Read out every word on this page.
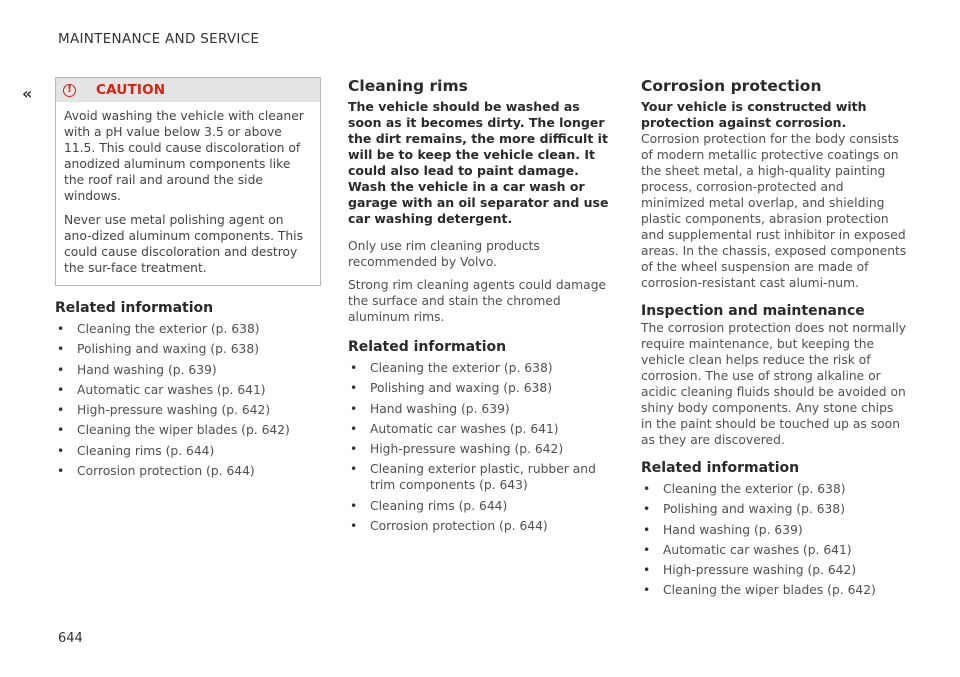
MAINTENANCE AND SERVICE
«	!	CAUTION

Avoid washing the vehicle with cleaner with a pH value below 3.5 or above 11.5. This could cause discoloration of anodized aluminum components like the roof rail and around the side windows.

Never use metal polishing agent on ano-dized aluminum components. This could cause discoloration and destroy the sur-face treatment.

Related information
• Cleaning the exterior (p. 638)
• Polishing and waxing (p. 638)
• Hand washing (p. 639)
• Automatic car washes (p. 641)
• High-pressure washing (p. 642)
• Cleaning the wiper blades (p. 642)
• Cleaning rims (p. 644)
• Corrosion protection (p. 644)
Cleaning rims

The vehicle should be washed as soon as it becomes dirty. The longer the dirt remains, the more difficult it will be to keep the vehicle clean. It could also lead to paint damage. Wash the vehicle in a car wash or garage with an oil separator and use car washing detergent.

Only use rim cleaning products recommended by Volvo.

Strong rim cleaning agents could damage the surface and stain the chromed aluminum rims.

Related information
• Cleaning the exterior (p. 638)
• Polishing and waxing (p. 638)
• Hand washing (p. 639)
• Automatic car washes (p. 641)
• High-pressure washing (p. 642)
• Cleaning exterior plastic, rubber and trim components (p. 643)
• Cleaning rims (p. 644)
• Corrosion protection (p. 644)
Corrosion protection

Your vehicle is constructed with protection against corrosion.

Corrosion protection for the body consists of modern metallic protective coatings on the sheet metal, a high-quality painting process, corrosion-protected and minimized metal overlap, and shielding plastic components, abrasion protection and supplemental rust inhibitor in exposed areas. In the chassis, exposed components of the wheel suspension are made of corrosion-resistant cast alumi-num.

Inspection and maintenance

The corrosion protection does not normally require maintenance, but keeping the vehicle clean helps reduce the risk of corrosion. The use of strong alkaline or acidic cleaning fluids should be avoided on shiny body components. Any stone chips in the paint should be touched up as soon as they are discovered.

Related information
• Cleaning the exterior (p. 638)
• Polishing and waxing (p. 638)
• Hand washing (p. 639)
• Automatic car washes (p. 641)
• High-pressure washing (p. 642)
• Cleaning the wiper blades (p. 642)
644
